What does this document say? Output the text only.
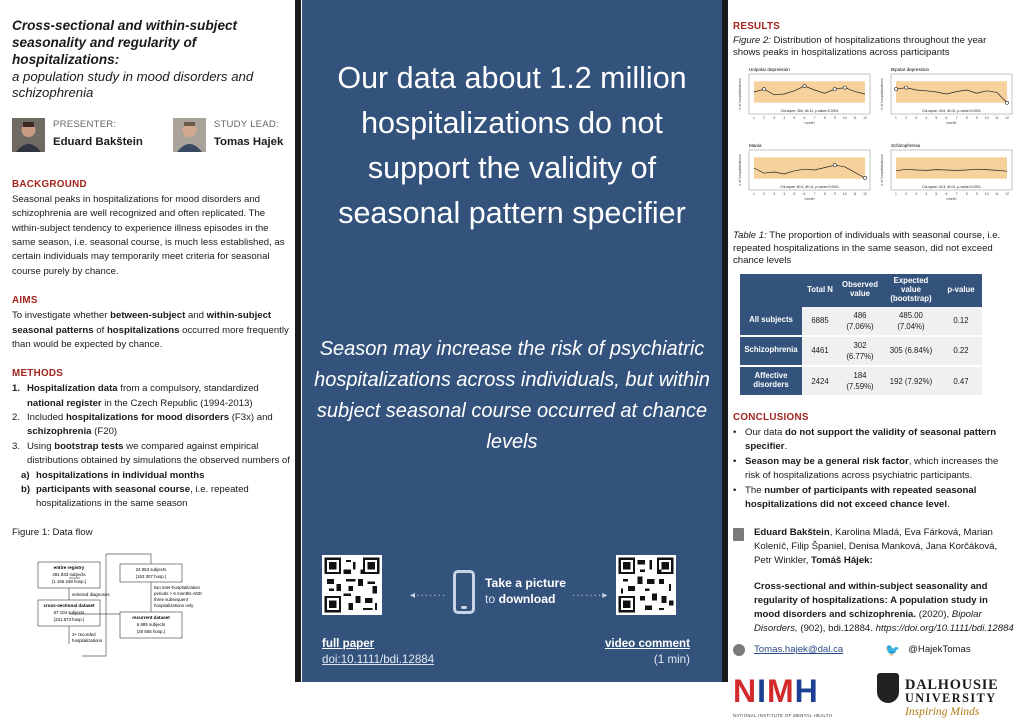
Cross-sectional and within-subject seasonality and regularity of hospitalizations:
a population study in mood disorders and schizophrenia
PRESENTER:
Eduard Bakštein
STUDY LEAD:
Tomas Hajek
BACKGROUND
Seasonal peaks in hospitalizations for mood disorders and schizophrenia are well recognized and often replicated. The within-subject tendency to experience illness episodes in the same season, i.e. seasonal course, is much less established, as certain individuals may temporarily meet criteria for seasonal course purely by chance.
AIMS
To investigate whether between-subject and within-subject seasonal patterns of hospitalizations occurred more frequently than would be expected by chance.
METHODS
1. Hospitalization data from a compulsory, standardized national register in the Czech Republic (1994-2013)
2. Included hospitalizations for mood disorders (F3x) and schizophrenia (F20)
3. Using bootstrap tests we compared against empirical distributions obtained by simulations the observed numbers of
a) hospitalizations in individual months
b) participants with seasonal course, i.e. repeated hospitalizations in the same season
Figure 1: Data flow
entire registry
481 833 subjects
(1 166 248 hosp.)
selected diagnoses
cross-sectional dataset
67 104 subjects
(231 573 hosp.)
3+ recorded
hospitalizations
24 053 subjects
(153 307 hosp.)
two inter-hospitalization
periods > 6 months AND
three subsequent
hospitalizations only
recurrent dataset
6 885 subjects
(20 655 hosp.)
Our data about 1.2 million hospitalizations do not support the validity of seasonal pattern specifier
Season may increase the risk of psychiatric hospitalizations across individuals, but within subject seasonal course occurred at chance levels
◂·······
Take a picture
to download	·······▸
full paper
doi:10.1111/bdi.12884
video comment
(1 min)
RESULTS
Figure 2: Distribution of hospitalizations throughout the year shows peaks in hospitalizations across participants
Unipolar depression
1 2 3 4 5 6 7 8 9 10 11 12
Chi-squre: 364, df=11, p-value<0.0001
month
# of hospitalizations
Bipolar depression
1 2 3 4 5 6 7 8 9 10 11 12
Chi-squre: 43.6, df=11, p-value<0.0001
month
# of hospitalizations
Mania
1 2 3 4 5 6 7 8 9 10 11 12
Chi-squre: 60.4, df=11, p-value<0.0001
month
# of hospitalizations
Schizophrenia
1 2 3 4 5 6 7 8 9 10 11 12
Chi-squre: 43.3, df=11, p-value<0.0001
month
# of hospitalizations
Table 1: The proportion of individuals with seasonal course, i.e. repeated hospitalizations in the same season, did not exceed chance levels
	Total N	Observed value	Expected value (bootstrap)	p-value
All subjects	6885	486 (7.06%)	485.00 (7.04%)	0.12
Schizophrenia	4461	302 (6.77%)	305 (6.84%)	0.22
Affective disorders	2424	184 (7.59%)	192 (7.92%)	0.47
CONCLUSIONS
• Our data do not support the validity of seasonal pattern specifier.
• Season may be a general risk factor, which increases the risk of hospitalizations across psychiatric participants.
• The number of participants with repeated seasonal hospitalizations did not exceed chance level.
Eduard Bakštein, Karolina Mladá, Eva Fárková, Marian Koleníč, Filip Španiel, Denisa Manková, Jana Korčáková, Petr Winkler, Tomáš Hájek:
Cross-sectional and within-subject seasonality and regularity of hospitalizations: A population study in mood disorders and schizophrenia. (2020), Bipolar Disorders, (902), bdi.12884. https://doi.org/10.1111/bdi.12884
Tomas.hajek@dal.ca	🐦 @HajekTomas
NIMH
NATIONAL INSTITUTE OF MENTAL HEALTH
DALHOUSIE
UNIVERSITY
Inspiring Minds
